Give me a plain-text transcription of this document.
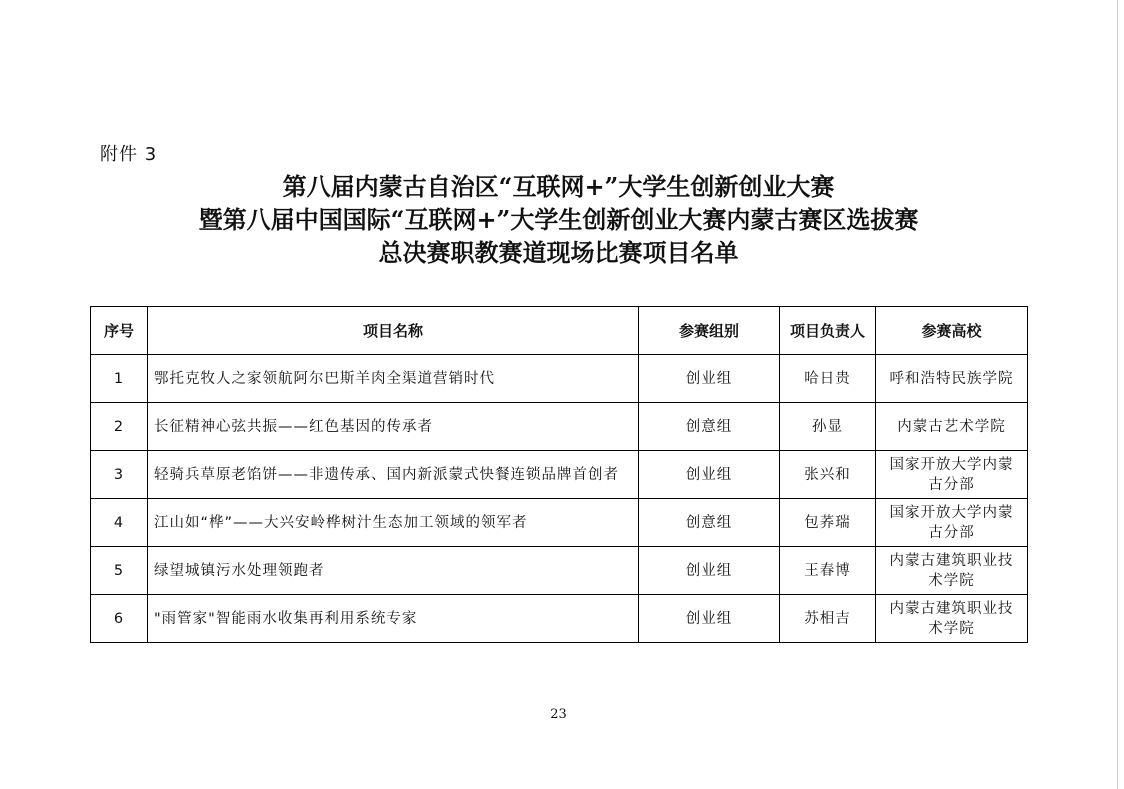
附件 3
第八届内蒙古自治区“互联网+”大学生创新创业大赛
暨第八届中国国际“互联网+”大学生创新创业大赛内蒙古赛区选拔赛
总决赛职教赛道现场比赛项目名单
序号	项目名称	参赛组别	项目负责人	参赛高校
1	鄂托克牧人之家领航阿尔巴斯羊肉全渠道营销时代	创业组	哈日贵	呼和浩特民族学院
2	长征精神心弦共振——红色基因的传承者	创意组	孙显	内蒙古艺术学院
3	轻骑兵草原老馅饼——非遗传承、国内新派蒙式快餐连锁品牌首创者	创业组	张兴和	国家开放大学内蒙古分部
4	江山如“桦”——大兴安岭桦树汁生态加工领域的领军者	创意组	包荞瑞	国家开放大学内蒙古分部
5	绿望城镇污水处理领跑者	创业组	王春博	内蒙古建筑职业技术学院
6	"雨管家"智能雨水收集再利用系统专家	创业组	苏相吉	内蒙古建筑职业技术学院
23
